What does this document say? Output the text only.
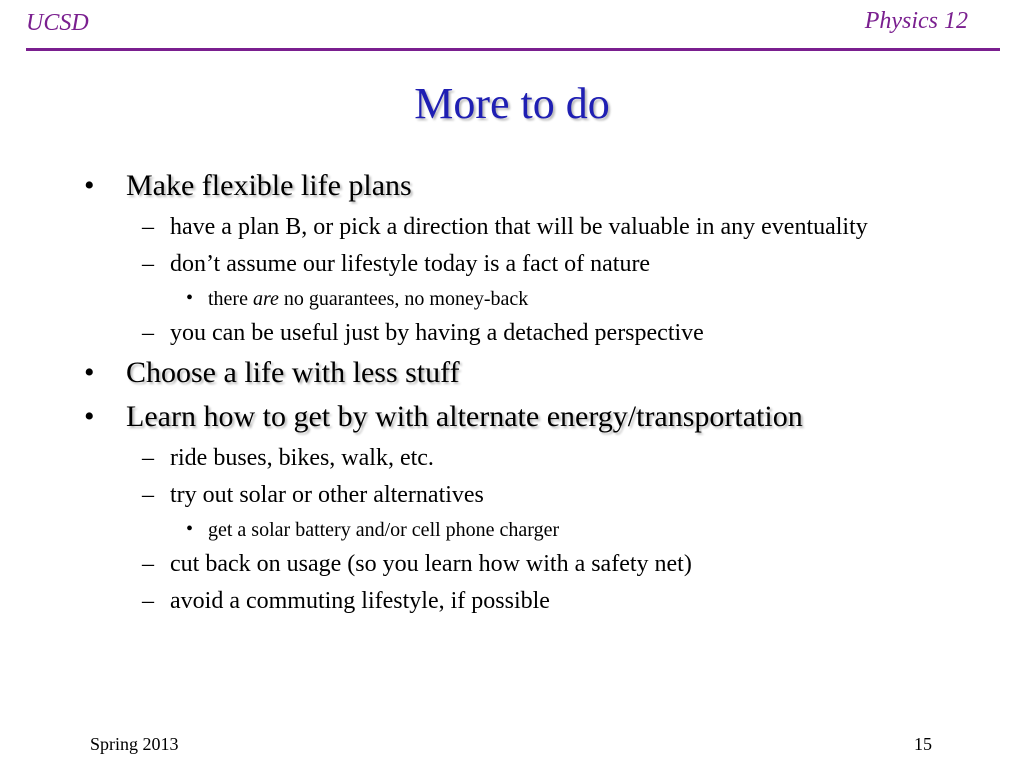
UCSD	Physics 12
More to do
• Make flexible life plans
– have a plan B, or pick a direction that will be valuable in any eventuality
– don’t assume our lifestyle today is a fact of nature
• there are no guarantees, no money-back
– you can be useful just by having a detached perspective
• Choose a life with less stuff
• Learn how to get by with alternate energy/transportation
– ride buses, bikes, walk, etc.
– try out solar or other alternatives
• get a solar battery and/or cell phone charger
– cut back on usage (so you learn how with a safety net)
– avoid a commuting lifestyle, if possible
Spring 2013	15
